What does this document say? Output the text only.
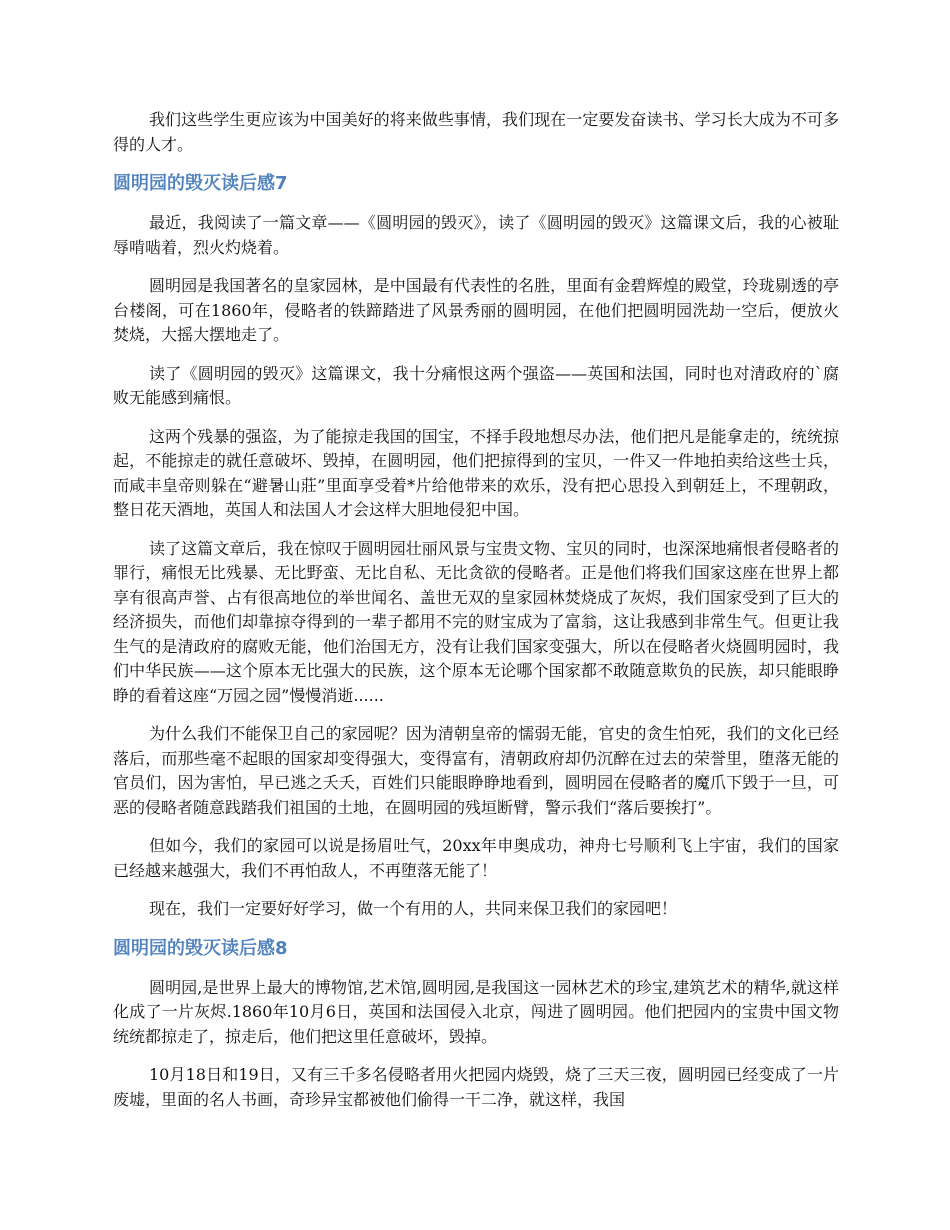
我们这些学生更应该为中国美好的将来做些事情，我们现在一定要发奋读书、学习长大成为不可多得的人才。

圆明园的毁灭读后感7

最近，我阅读了一篇文章——《圆明园的毁灭》，读了《圆明园的毁灭》这篇课文后，我的心被耻辱啃啮着，烈火灼烧着。

圆明园是我国著名的皇家园林，是中国最有代表性的名胜，里面有金碧辉煌的殿堂，玲珑剔透的亭台楼阁，可在1860年，侵略者的铁蹄踏进了风景秀丽的圆明园，在他们把圆明园洗劫一空后，便放火焚烧，大摇大摆地走了。

读了《圆明园的毁灭》这篇课文，我十分痛恨这两个强盗——英国和法国，同时也对清政府的`腐败无能感到痛恨。

这两个残暴的强盗，为了能掠走我国的国宝，不择手段地想尽办法，他们把凡是能拿走的，统统掠起，不能掠走的就任意破坏、毁掉，在圆明园，他们把掠得到的宝贝，一件又一件地拍卖给这些士兵，而咸丰皇帝则躲在“避暑山莊”里面享受着*片给他带来的欢乐，没有把心思投入到朝廷上，不理朝政，整日花天酒地，英国人和法国人才会这样大胆地侵犯中国。

读了这篇文章后，我在惊叹于圆明园壮丽风景与宝贵文物、宝贝的同时，也深深地痛恨者侵略者的罪行，痛恨无比残暴、无比野蛮、无比自私、无比贪欲的侵略者。正是他们将我们国家这座在世界上都享有很高声誉、占有很高地位的举世闻名、盖世无双的皇家园林焚烧成了灰烬，我们国家受到了巨大的经济损失，而他们却靠掠夺得到的一辈子都用不完的财宝成为了富翁，这让我感到非常生气。但更让我生气的是清政府的腐败无能，他们治国无方，没有让我们国家变强大，所以在侵略者火烧圆明园时，我们中华民族——这个原本无比强大的民族，这个原本无论哪个国家都不敢随意欺负的民族，却只能眼睁睁的看着这座“万园之园”慢慢消逝......

为什么我们不能保卫自己的家园呢？因为清朝皇帝的懦弱无能，官史的贪生怕死，我们的文化已经落后，而那些毫不起眼的国家却变得强大，变得富有，清朝政府却仍沉醉在过去的荣誉里，堕落无能的官员们，因为害怕，早已逃之夭夭，百姓们只能眼睁睁地看到，圆明园在侵略者的魔爪下毁于一旦，可恶的侵略者随意践踏我们祖国的土地，在圆明园的残垣断臂，警示我们“落后要挨打”。

但如今，我们的家园可以说是扬眉吐气，20xx年申奥成功，神舟七号顺利飞上宇宙，我们的国家已经越来越强大，我们不再怕敌人，不再堕落无能了！

现在，我们一定要好好学习，做一个有用的人，共同来保卫我们的家园吧！

圆明园的毁灭读后感8

圆明园,是世界上最大的博物馆,艺术馆,圆明园,是我国这一园林艺术的珍宝,建筑艺术的精华,就这样化成了一片灰烬.1860年10月6日，英国和法国侵入北京，闯进了圆明园。他们把园内的宝贵中国文物统统都掠走了，掠走后，他们把这里任意破坏，毁掉。

10月18日和19日，又有三千多名侵略者用火把园内烧毁，烧了三天三夜，圆明园已经变成了一片废墟，里面的名人书画，奇珍异宝都被他们偷得一干二净，就这样，我国
